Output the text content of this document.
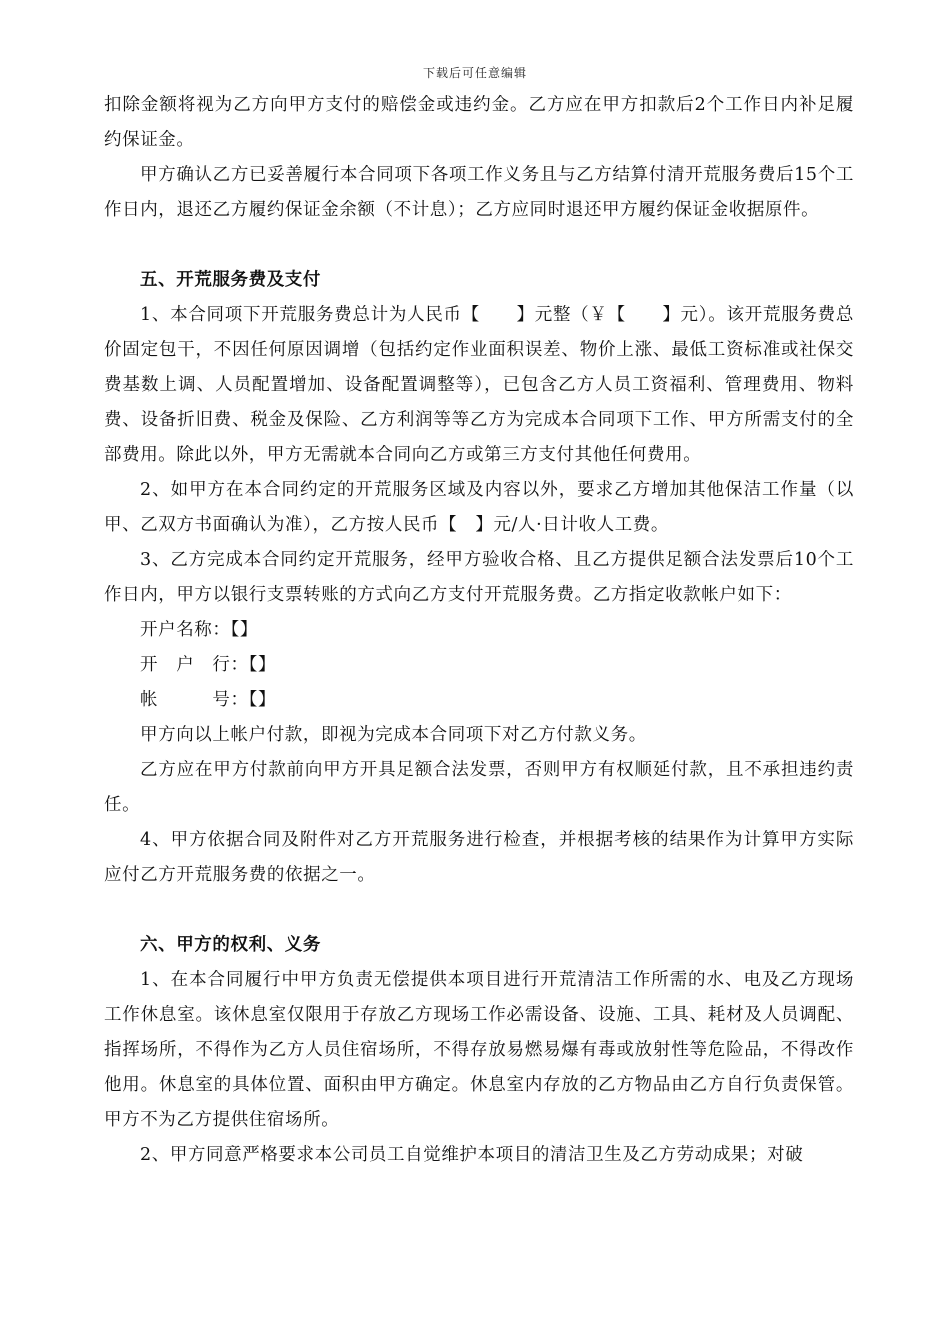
下载后可任意编辑

扣除金额将视为乙方向甲方支付的赔偿金或违约金。乙方应在甲方扣款后2个工作日内补足履约保证金。

甲方确认乙方已妥善履行本合同项下各项工作义务且与乙方结算付清开荒服务费后15个工作日内，退还乙方履约保证金余额（不计息）；乙方应同时退还甲方履约保证金收据原件。

五、开荒服务费及支付

1、本合同项下开荒服务费总计为人民币【　　】元整（￥【　　】元）。该开荒服务费总价固定包干，不因任何原因调增（包括约定作业面积误差、物价上涨、最低工资标准或社保交费基数上调、人员配置增加、设备配置调整等），已包含乙方人员工资福利、管理费用、物料费、设备折旧费、税金及保险、乙方利润等等乙方为完成本合同项下工作、甲方所需支付的全部费用。除此以外，甲方无需就本合同向乙方或第三方支付其他任何费用。

2、如甲方在本合同约定的开荒服务区域及内容以外，要求乙方增加其他保洁工作量（以甲、乙双方书面确认为准），乙方按人民币【　】元/人·日计收人工费。

3、乙方完成本合同约定开荒服务，经甲方验收合格、且乙方提供足额合法发票后10个工作日内，甲方以银行支票转账的方式向乙方支付开荒服务费。乙方指定收款帐户如下：

开户名称：【】

开　户　行：【】

帐　　　号：【】

甲方向以上帐户付款，即视为完成本合同项下对乙方付款义务。

乙方应在甲方付款前向甲方开具足额合法发票，否则甲方有权顺延付款，且不承担违约责任。

4、甲方依据合同及附件对乙方开荒服务进行检查，并根据考核的结果作为计算甲方实际应付乙方开荒服务费的依据之一。

六、甲方的权利、义务

1、在本合同履行中甲方负责无偿提供本项目进行开荒清洁工作所需的水、电及乙方现场工作休息室。该休息室仅限用于存放乙方现场工作必需设备、设施、工具、耗材及人员调配、指挥场所，不得作为乙方人员住宿场所，不得存放易燃易爆有毒或放射性等危险品，不得改作他用。休息室的具体位置、面积由甲方确定。休息室内存放的乙方物品由乙方自行负责保管。甲方不为乙方提供住宿场所。

2、甲方同意严格要求本公司员工自觉维护本项目的清洁卫生及乙方劳动成果；对破
